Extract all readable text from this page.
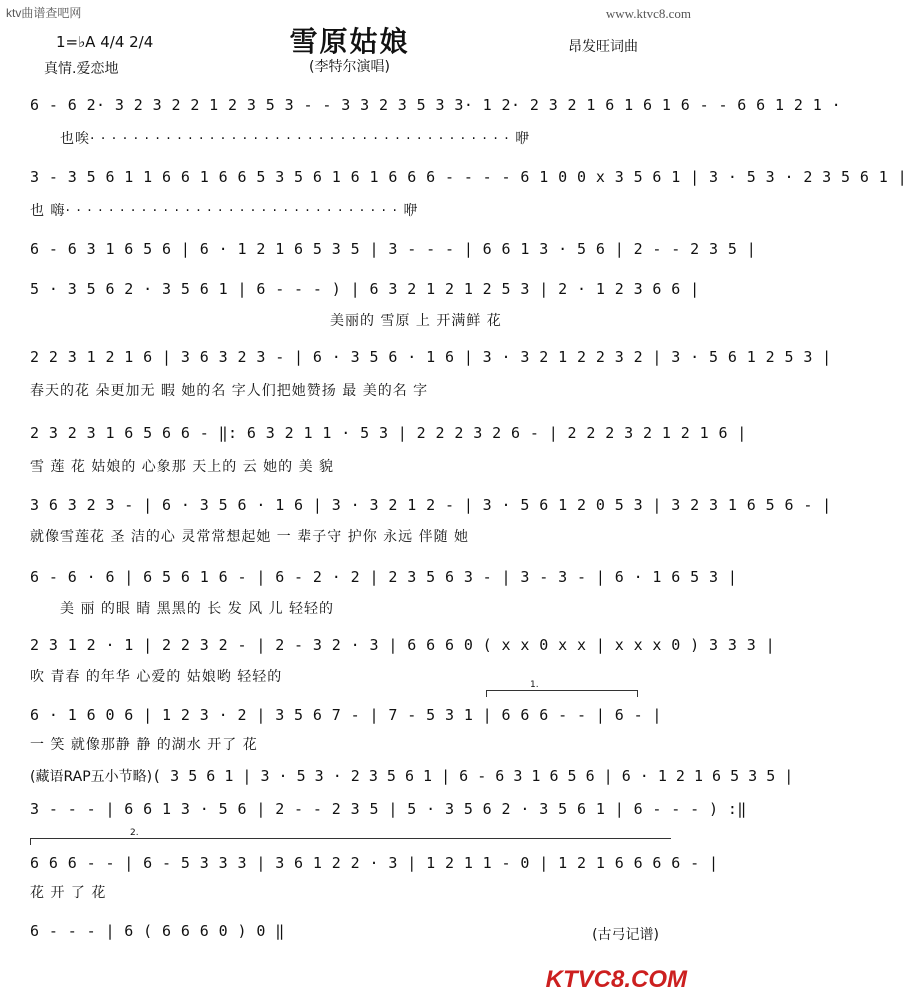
ktv曲谱查吧网	www.ktvc8.com
雪原姑娘
(李特尔演唱)
1=♭A 4/4 2/4
真情.爱恋地
昂发旺词曲
6 - 6 2· 3 2 3 2 2 1 2 3 5 3 - - 3 3 2 3 5 3 3· 1 2· 2 3 2 1 6 1 6 1 6 - - 6 6 1 2 1 ·
也唉· · · · · · · · · · · · · · · · · · · · · · · · · · · · · · · · · · · · · · · 咿
3 - 3 5 6 1 1 6 6 1 6 6 5 3 5 6 1 6 1 6 6 6 - - - - 6 1 0 0 x 3 5 6 1 | 3 · 5 3 · 2 3 5 6 1 |
也 嗨· · · · · · · · · · · · · · · · · · · · · · · · · · · · · · · 咿
6 - 6 3 1 6 5 6 | 6 · 1 2 1 6 5 3 5 | 3 - - - | 6 6 1 3 · 5 6 | 2 - - 2 3 5 |
5 · 3 5 6 2 · 3 5 6 1 | 6 - - - ) | 6 3 2 1 2 1 2 5 3 | 2 · 1 2 3 6 6 |
美丽的 雪原 上 开满鲜 花
2 2 3 1 2 1 6 | 3 6 3 2 3 - | 6 · 3 5 6 · 1 6 | 3 · 3 2 1 2 2 3 2 | 3 · 5 6 1 2 5 3 |
春天的花 朵更加无 暇 她的名 字人们把她赞扬 最 美的名 字
2 3 2 3 1 6 5 6 6 - ‖: 6 3 2 1 1 · 5 3 | 2 2 2 3 2 6 - | 2 2 2 3 2 1 2 1 6 |
雪 莲 花 姑娘的 心象那 天上的 云 她的 美 貌
3 6 3 2 3 - | 6 · 3 5 6 · 1 6 | 3 · 3 2 1 2 - | 3 · 5 6 1 2 0 5 3 | 3 2 3 1 6 5 6 - |
就像雪莲花 圣 洁的心 灵常常想起她 一 辈子守 护你 永远 伴随 她
6 - 6 · 6 | 6 5 6 1 6 - | 6 - 2 · 2 | 2 3 5 6 3 - | 3 - 3 - | 6 · 1 6 5 3 |
美 丽 的眼 睛 黑黑的 长 发 风 儿 轻轻的
2 3 1 2 · 1 | 2 2 3 2 - | 2 - 3 2 · 3 | 6 6 6 0 ( x x 0 x x | x x x 0 ) 3 3 3 |
吹 青春 的年华 心爱的 姑娘哟 轻轻的	1.
6 · 1 6 0 6 | 1 2 3 · 2 | 3 5 6 7 - | 7 - 5 3 1 | 6 6 6 - - | 6 - |
一 笑 就像那静 静 的湖水 开了 花
(藏语RAP五小节略)( 3 5 6 1 | 3 · 5 3 · 2 3 5 6 1 | 6 - 6 3 1 6 5 6 | 6 · 1 2 1 6 5 3 5 |
3 - - - | 6 6 1 3 · 5 6 | 2 - - 2 3 5 | 5 · 3 5 6 2 · 3 5 6 1 | 6 - - - ) :‖
2.
6 6 6 - - | 6 - 5 3 3 3 | 3 6 1 2 2 · 3 | 1 2 1 1 - 0 | 1 2 1 6 6 6 6 - |
花 开 了 花
6 - - - | 6 ( 6 6 6 0 ) 0 ‖	(古弓记谱)
KTVC8.COM
